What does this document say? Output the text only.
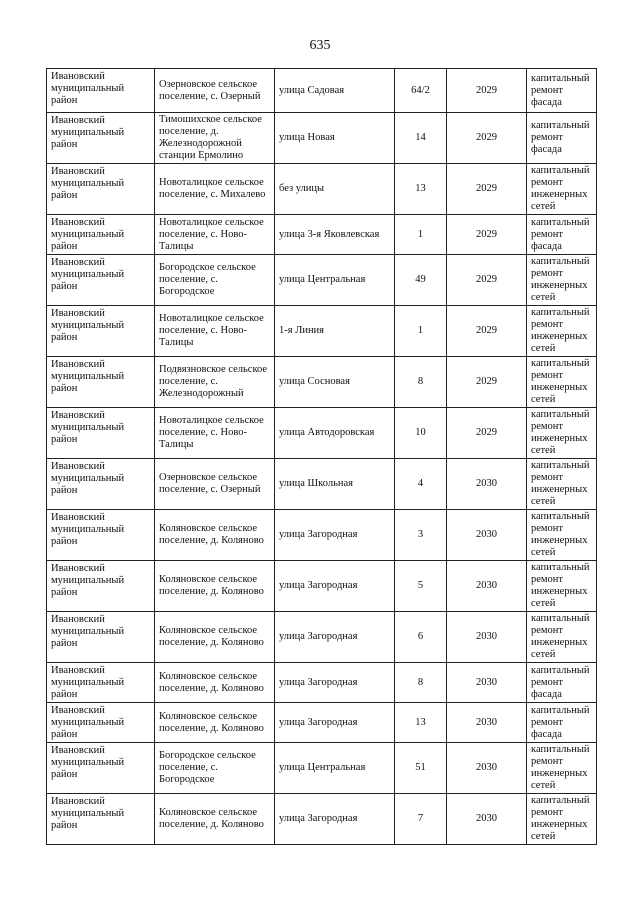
635
Ивановский муниципальный район	Озерновское сельское поселение, с. Озерный	улица Садовая	64/2	2029	капитальный ремонт фасада
Ивановский муниципальный район	Тимошихское сельское поселение, д. Железнодорожной станции Ермолино	улица Новая	14	2029	капитальный ремонт фасада
Ивановский муниципальный район	Новоталицкое сельское поселение, с. Михалево	без улицы	13	2029	капитальный ремонт инженерных сетей
Ивановский муниципальный район	Новоталицкое сельское поселение, с. Ново-Талицы	улица 3-я Яковлевская	1	2029	капитальный ремонт фасада
Ивановский муниципальный район	Богородское сельское поселение, с. Богородское	улица Центральная	49	2029	капитальный ремонт инженерных сетей
Ивановский муниципальный район	Новоталицкое сельское поселение, с. Ново-Талицы	1-я Линия	1	2029	капитальный ремонт инженерных сетей
Ивановский муниципальный район	Подвязновское сельское поселение, с. Железнодорожный	улица Сосновая	8	2029	капитальный ремонт инженерных сетей
Ивановский муниципальный район	Новоталицкое сельское поселение, с. Ново-Талицы	улица Автодоровская	10	2029	капитальный ремонт инженерных сетей
Ивановский муниципальный район	Озерновское сельское поселение, с. Озерный	улица Школьная	4	2030	капитальный ремонт инженерных сетей
Ивановский муниципальный район	Коляновское сельское поселение, д. Коляново	улица Загородная	3	2030	капитальный ремонт инженерных сетей
Ивановский муниципальный район	Коляновское сельское поселение, д. Коляново	улица Загородная	5	2030	капитальный ремонт инженерных сетей
Ивановский муниципальный район	Коляновское сельское поселение, д. Коляново	улица Загородная	6	2030	капитальный ремонт инженерных сетей
Ивановский муниципальный район	Коляновское сельское поселение, д. Коляново	улица Загородная	8	2030	капитальный ремонт фасада
Ивановский муниципальный район	Коляновское сельское поселение, д. Коляново	улица Загородная	13	2030	капитальный ремонт фасада
Ивановский муниципальный район	Богородское сельское поселение, с. Богородское	улица Центральная	51	2030	капитальный ремонт инженерных сетей
Ивановский муниципальный район	Коляновское сельское поселение, д. Коляново	улица Загородная	7	2030	капитальный ремонт инженерных сетей
